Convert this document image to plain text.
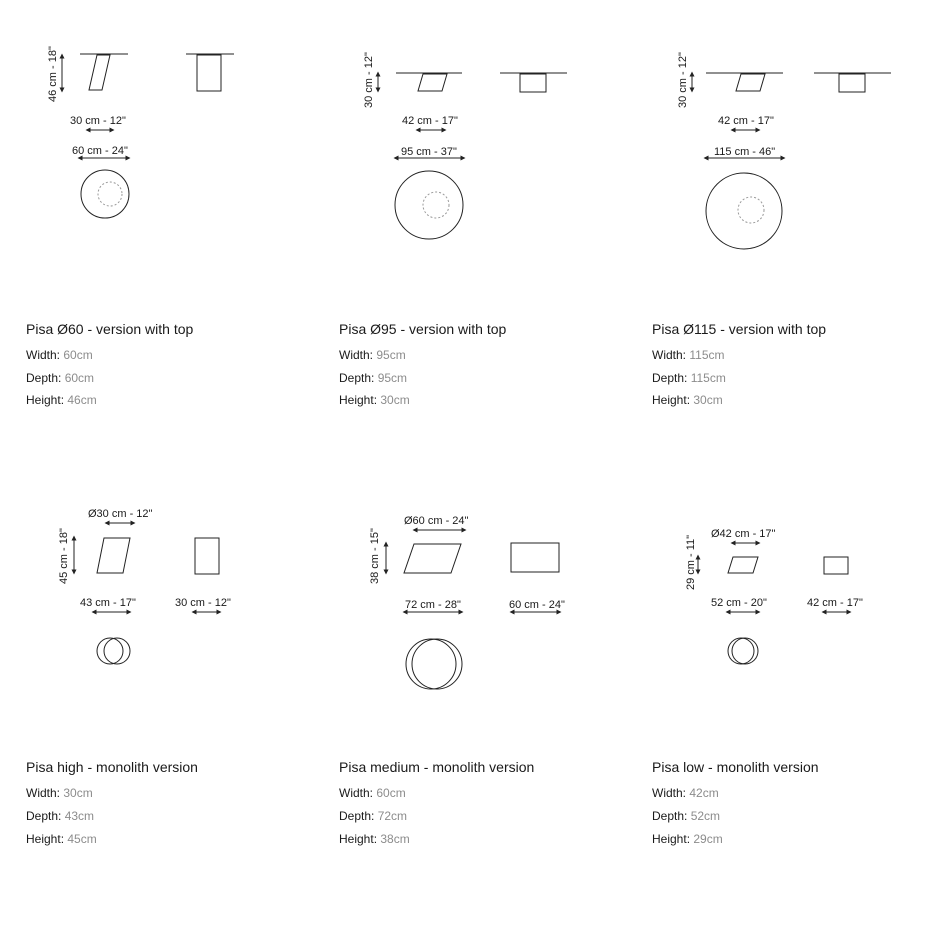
46 cm - 18"
30 cm - 12"
60 cm - 24"
30 cm - 12"
42 cm - 17"
95 cm - 37"
30 cm - 12"
42 cm - 17"
115 cm - 46"
Ø30 cm - 12"
45 cm - 18"
43 cm - 17"	30 cm - 12"
Ø60 cm - 24"
38 cm - 15"
72 cm - 28"	60 cm - 24"
Ø42 cm - 17"
29 cm - 11"
52 cm - 20"	42 cm - 17"
Pisa Ø60 - version with top
Width: 60cm
Depth: 60cm
Height: 46cm
Pisa Ø95 - version with top
Width: 95cm
Depth: 95cm
Height: 30cm
Pisa Ø115 - version with top
Width: 115cm
Depth: 115cm
Height: 30cm
Pisa high - monolith version
Width: 30cm
Depth: 43cm
Height: 45cm
Pisa medium - monolith version
Width: 60cm
Depth: 72cm
Height: 38cm
Pisa low - monolith version
Width: 42cm
Depth: 52cm
Height: 29cm
